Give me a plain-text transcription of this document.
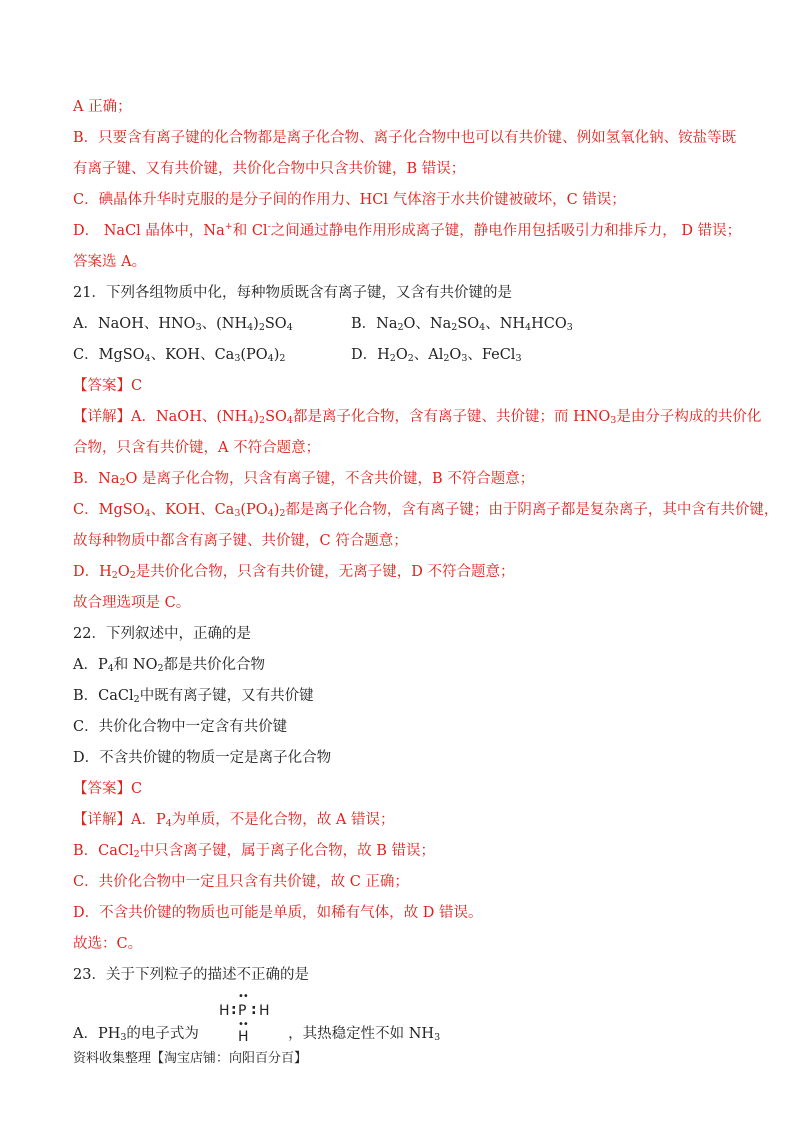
A 正确；
B．只要含有离子键的化合物都是离子化合物、离子化合物中也可以有共价键、例如氢氧化钠、铵盐等既
有离子键、又有共价键，共价化合物中只含共价键，B 错误；
C．碘晶体升华时克服的是分子间的作用力、HCl 气体溶于水共价键被破坏，C 错误；
D． NaCl 晶体中，Na+和 Cl-之间通过静电作用形成离子键，静电作用包括吸引力和排斥力， D 错误；
答案选 A。
21．下列各组物质中化，每种物质既含有离子键，又含有共价键的是
A．NaOH、$HNO_3$、$(NH_4)_2SO_4$	B．$Na_2O$、$Na_2SO_4$、$NH_4HCO_3$
C．MgSO$_4$、KOH、$Ca_3(PO_4)_2$	D．$H_2O_2$、$Al_2O_3$、FeCl$_3$
【答案】C
【详解】A．NaOH、$(NH_4)_2SO_4$都是离子化合物，含有离子键、共价键；而 $HNO_3$是由分子构成的共价化
合物，只含有共价键，A 不符合题意；
B．$Na_2O$ 是离子化合物，只含有离子键，不含共价键，B 不符合题意；
C．MgSO$_4$、KOH、$Ca_3(PO_4)_2$都是离子化合物，含有离子键；由于阴离子都是复杂离子，其中含有共价键，
故每种物质中都含有离子键、共价键，C 符合题意；
D．$H_2O_2$是共价化合物，只含有共价键，无离子键，D 不符合题意；
故合理选项是 C。
22．下列叙述中，正确的是
A．$P_4$和 $NO_2$都是共价化合物
B．CaCl$_2$中既有离子键，又有共价键
C．共价化合物中一定含有共价键
D．不含共价键的物质一定是离子化合物
【答案】C
【详解】A．$P_4$为单质，不是化合物，故 A 错误；
B．CaCl$_2$中只含离子键，属于离子化合物，故 B 错误；
C．共价化合物中一定且只含有共价键，故 C 正确；
D．不含共价键的物质也可能是单质，如稀有气体，故 D 错误。
故选：C。
23．关于下列粒子的描述不正确的是
A．$PH_3$的电子式为	，其热稳定性不如 $NH_3$
••
H : P : H
••
H
资料收集整理【淘宝店铺：向阳百分百】
